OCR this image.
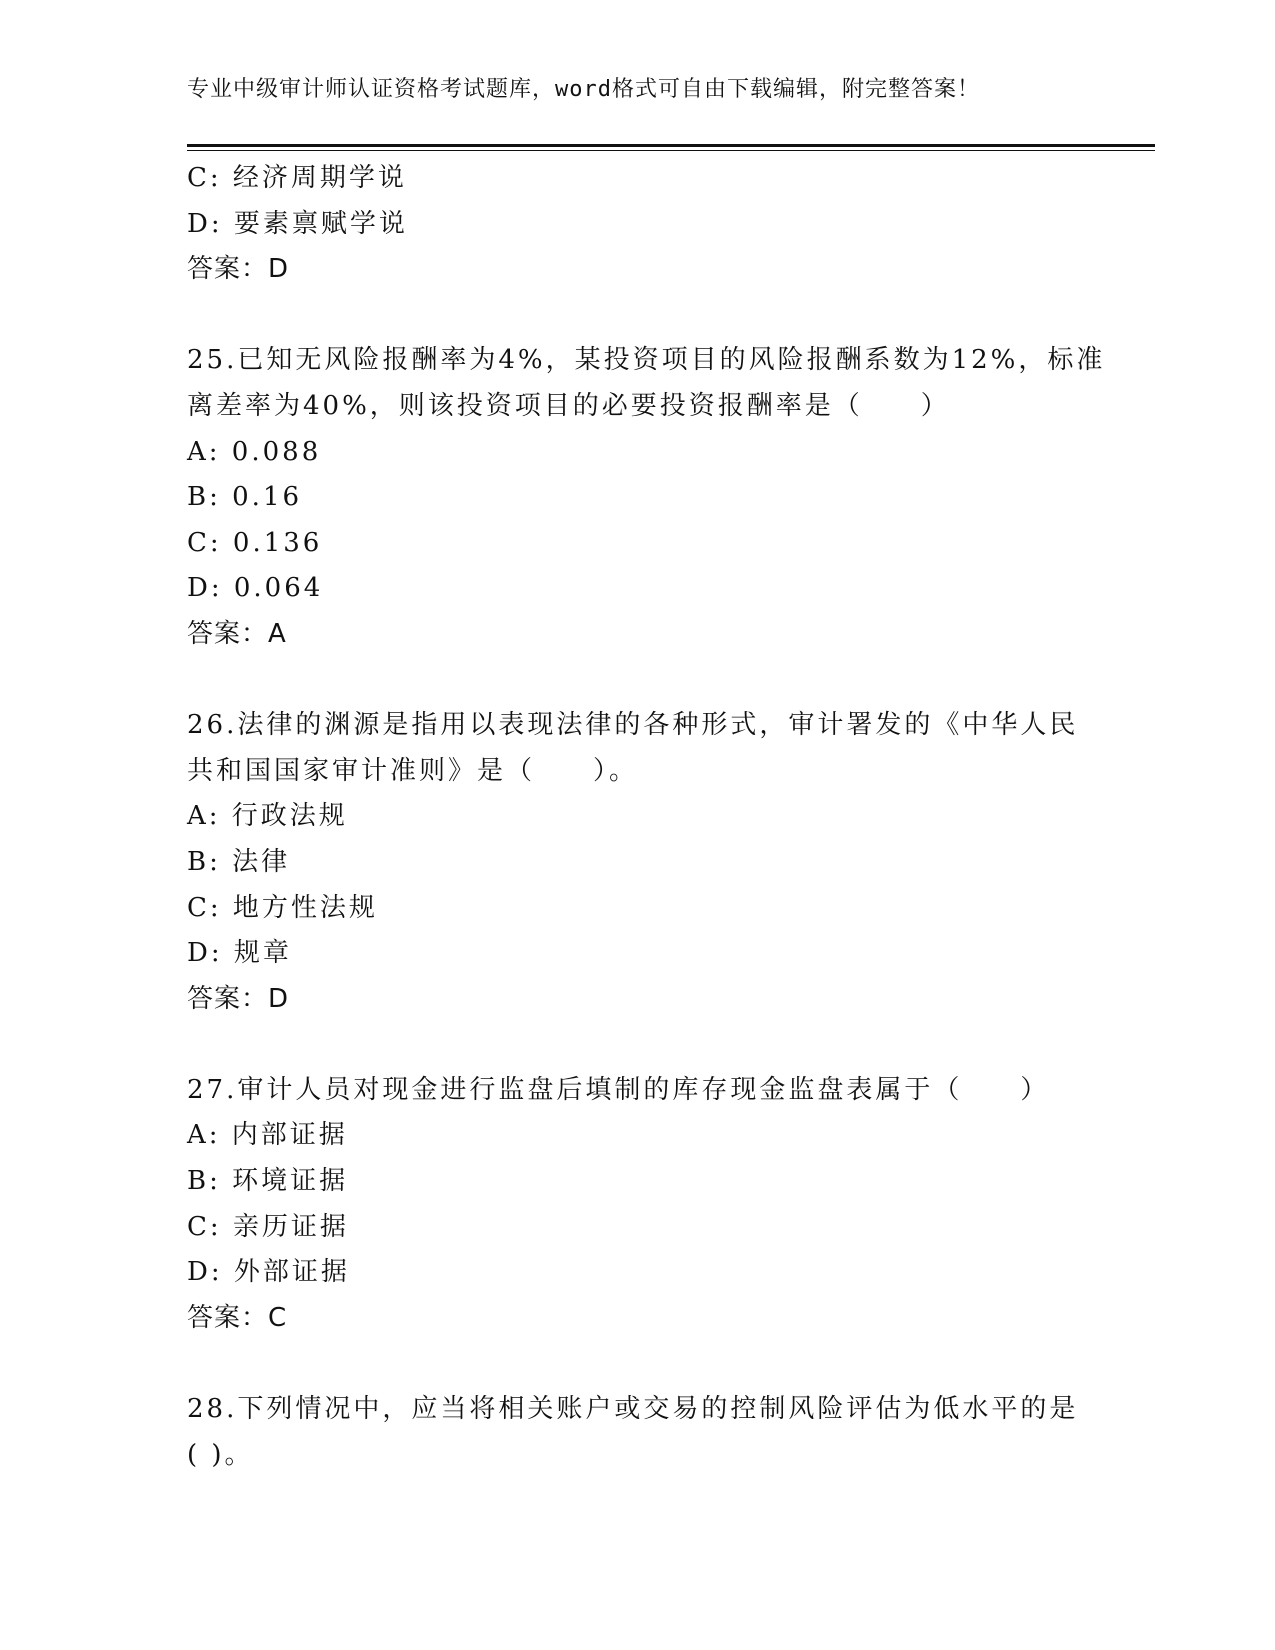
专业中级审计师认证资格考试题库，word格式可自由下载编辑，附完整答案！
C: 经济周期学说
D: 要素禀赋学说
答案：D
25.已知无风险报酬率为4%，某投资项目的风险报酬系数为12%，标准
离差率为40%，则该投资项目的必要投资报酬率是（　　）
A: 0.088
B: 0.16
C: 0.136
D: 0.064
答案：A
26.法律的渊源是指用以表现法律的各种形式，审计署发的《中华人民
共和国国家审计准则》是（　　）。
A: 行政法规
B: 法律
C: 地方性法规
D: 规章
答案：D
27.审计人员对现金进行监盘后填制的库存现金监盘表属于（　　）
A: 内部证据
B: 环境证据
C: 亲历证据
D: 外部证据
答案：C
28.下列情况中，应当将相关账户或交易的控制风险评估为低水平的是
( )。
